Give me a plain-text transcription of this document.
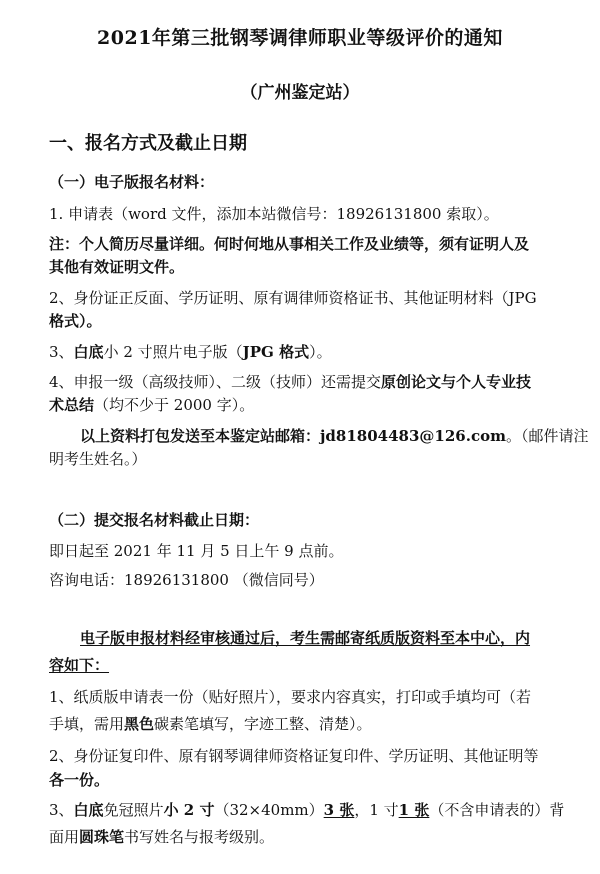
2021年第三批钢琴调律师职业等级评价的通知
（广州鉴定站）
一、报名方式及截止日期
（一）电子版报名材料：
1. 申请表（word 文件，添加本站微信号：18926131800 索取）。
注：个人简历尽量详细。何时何地从事相关工作及业绩等，须有证明人及
其他有效证明文件。
2、身份证正反面、学历证明、原有调律师资格证书、其他证明材料（JPG
格式）。
3、白底小 2 寸照片电子版（JPG 格式）。
4、申报一级（高级技师）、二级（技师）还需提交原创论文与个人专业技
术总结（均不少于 2000 字）。
以上资料打包发送至本鉴定站邮箱：jd81804483@126.com。（邮件请注
明考生姓名。）
（二）提交报名材料截止日期：
即日起至 2021 年 11 月 5 日上午 9 点前。
咨询电话：18926131800 （微信同号）
电子版申报材料经审核通过后，考生需邮寄纸质版资料至本中心，内
容如下：
1、纸质版申请表一份（贴好照片），要求内容真实，打印或手填均可（若
手填，需用黑色碳素笔填写，字迹工整、清楚）。
2、身份证复印件、原有钢琴调律师资格证复印件、学历证明、其他证明等
各一份。
3、白底免冠照片小 2 寸（32×40mm）3 张，1 寸1 张（不含申请表的）背
面用圆珠笔书写姓名与报考级别。
